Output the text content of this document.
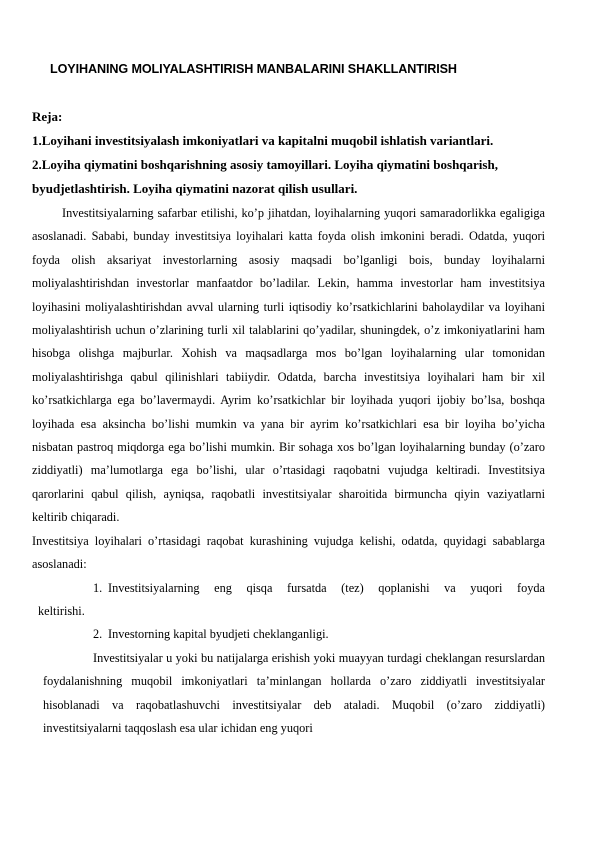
LOYIHANING MOLIYALASHTIRISH MANBALARINI SHAKLLANTIRISH
Reja:

1.Loyihani investitsiyalash imkoniyatlari va kapitalni muqobil ishlatish variantlari.

2.Loyiha qiymatini boshqarishning asosiy tamoyillari. Loyiha qiymatini boshqarish, byudjetlashtirish. Loyiha qiymatini nazorat qilish usullari.

Investitsiyalarning safarbar etilishi, ko’p jihatdan, loyihalarning yuqori samaradorlikka egaligiga asoslanadi. Sababi, bunday investitsiya loyihalari katta foyda olish imkonini beradi. Odatda, yuqori foyda olish aksariyat investorlarning asosiy maqsadi bo’lganligi bois, bunday loyihalarni moliyalashtirishdan investorlar manfaatdor bo’ladilar. Lekin, hamma investorlar ham investitsiya loyihasini moliyalashtirishdan avval ularning turli iqtisodiy ko’rsatkichlarini baholaydilar va loyihani moliyalashtirish uchun o’zlarining turli xil talablarini qo’yadilar, shuningdek, o’z imkoniyatlarini ham hisobga olishga majburlar. Xohish va maqsadlarga mos bo’lgan loyihalarning ular tomonidan moliyalashtirishga qabul qilinishlari tabiiydir. Odatda, barcha investitsiya loyihalari ham bir xil ko’rsatkichlarga ega bo’lavermaydi. Ayrim ko’rsatkichlar bir loyihada yuqori ijobiy bo’lsa, boshqa loyihada esa aksincha bo’lishi mumkin va yana bir ayrim ko’rsatkichlari esa bir loyiha bo’yicha nisbatan pastroq miqdorga ega bo’lishi mumkin. Bir sohaga xos bo’lgan loyihalarning bunday (o’zaro ziddiyatli) ma’lumotlarga ega bo’lishi, ular o’rtasidagi raqobatni vujudga keltiradi. Investitsiya qarorlarini qabul qilish, ayniqsa, raqobatli investitsiyalar sharoitida birmuncha qiyin vaziyatlarni keltirib chiqaradi.

Investitsiya loyihalari o’rtasidagi raqobat kurashining vujudga kelishi, odatda, quyidagi sabablarga asoslanadi:

1. Investitsiyalarning eng qisqa fursatda (tez) qoplanishi va yuqori foyda

keltirishi.

2. Investorning kapital byudjeti cheklanganligi.

Investitsiyalar u yoki bu natijalarga erishish yoki muayyan turdagi cheklangan resurslardan foydalanishning muqobil imkoniyatlari ta’minlangan hollarda o’zaro ziddiyatli investitsiyalar hisoblanadi va raqobatlashuvchi investitsiyalar deb ataladi. Muqobil (o’zaro ziddiyatli) investitsiyalarni taqqoslash esa ular ichidan eng yuqori
